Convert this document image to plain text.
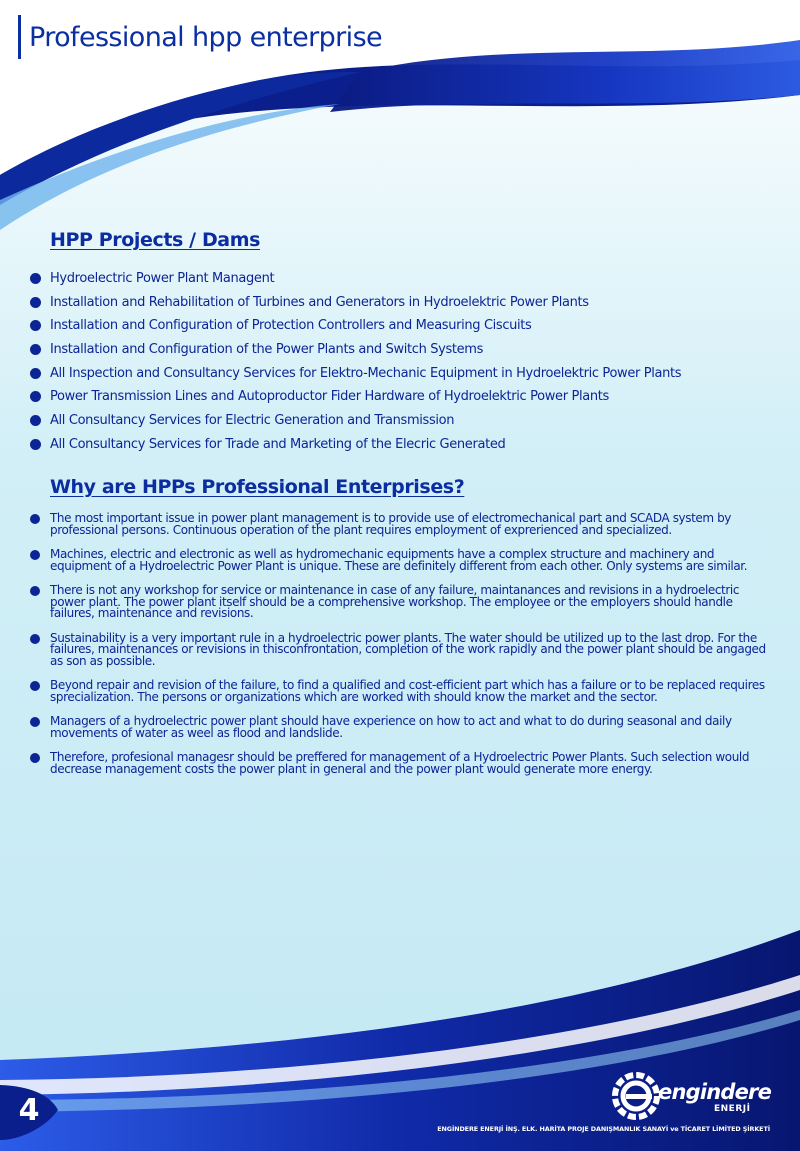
Professional hpp enterprise
HPP Projects / Dams
Hydroelectric Power Plant Managent
Installation and Rehabilitation of Turbines and Generators in Hydroelektric Power Plants
Installation and Configuration of Protection Controllers and Measuring Ciscuits
Installation and Configuration of the Power Plants and Switch Systems
All Inspection and Consultancy Services for Elektro-Mechanic Equipment in Hydroelektric Power Plants
Power Transmission Lines and Autoproductor Fider Hardware of Hydroelektric Power Plants
All Consultancy Services for Electric Generation and Transmission
All Consultancy Services for Trade and Marketing of the Elecric Generated
Why are HPPs Professional Enterprises?
The most important issue in power plant management is to provide use of electromechanical part and SCADA system by professional persons. Continuous operation of the plant requires employment of exprerienced and specialized.
Machines, electric and electronic as well as hydromechanic equipments have a complex structure and machinery and equipment of a Hydroelectric Power Plant is unique. These are definitely different from each other. Only systems are similar.
There is not any workshop for service or maintenance in case of any failure, maintanances and revisions in a hydroelectric power plant. The power plant itself should be a comprehensive workshop. The employee or the employers should handle failures, maintenance and revisions.
Sustainability is a very important rule in a hydroelectric power plants. The water should be utilized up to the last drop. For the failures, maintenances or revisions in thisconfrontation, completion of the work rapidly and the power plant should be angaged as son as possible.
Beyond repair and revision of the failure, to find a qualified and cost-efficient part which has a failure or to be replaced requires sprecialization. The persons or organizations which are worked with should know the market and the sector.
Managers of a hydroelectric power plant should have experience on how to act and what to do during seasonal and daily movements of water as weel as flood and landslide.
Therefore, profesional managesr should be preffered for management of a Hydroelectric Power Plants. Such selection would decrease management costs the power plant in general and the power plant would generate more energy.
4
engindere
ENERJİ
ENGİNDERE ENERJİ İNŞ. ELK. HARİTA PROJE DANIŞMANLIK SANAYİ ve TİCARET LİMİTED ŞİRKETİ
